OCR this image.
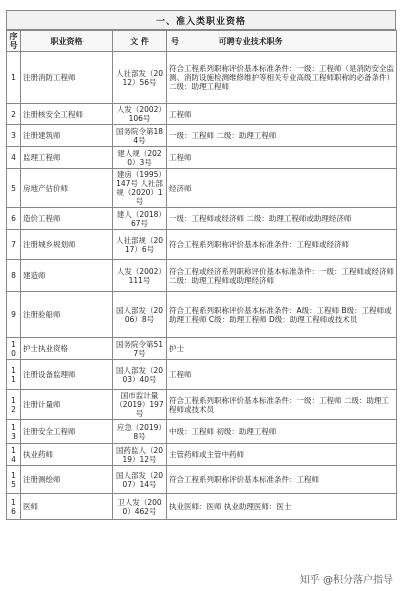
一、准入类职业资格
序号	职业资格	文 件	号 可聘专业技术职务
1	注册消防工程师	人社部发（2012）56号	符合工程系列职称评价基本标准条件：一级：工程师（是消防安全监测、消防设施检测维修维护等相关专业高级工程师职称的必备条件）二级：助理工程师
2	注册核安全工程师	人发（2002）106号	工程师
3	注册建筑师	国务院令第184号	一级：工程师 二级：助理工程师
4	监理工程师	建人规（2020）3号	工程师
5	房地产估价师	建房（1995）147号 人社部规（2020）1号	经济师
6	造价工程师	建人（2018）67号	一级：工程师或经济师 二级：助理工程师或助理经济师
7	注册城乡规划师	人社部规（2017）6号	符合工程系列职称评价基本标准条件：工程师或经济师
8	建造师	人发（2002）111号	符合工程或经济系列职称评价基本标准条件：一级：工程师或经济师 二级：助理工程师或助理经济师
9	注册验船师	国人部发（2006）8号	符合工程系列职称评价基本标准条件：A级：工程师 B级：工程师或助理工程师 C级：助理工程师 D级：助理工程师或技术员
10	护士执业资格	国务院令第517号	护士
11	注册设备监理师	国人部发（2003）40号	工程师
12	注册计量师	国市监计量（2019）197号	符合工程系列职称评价基本标准条件：一级：工程师 二级：助理工程师或技术员
13	注册安全工程师	应急（2019）8号	中级：工程师 初级：助理工程师
14	执业药师	国药监人（2019）12号	主管药师或主管中药师
15	注册测绘师	国人部发（2007）14号	符合工程系列职称评价基本标准条件：工程师
16	医师	卫人发（2000）462号	执业医师：医师 执业助理医师：医士
知乎 @积分落户指导
